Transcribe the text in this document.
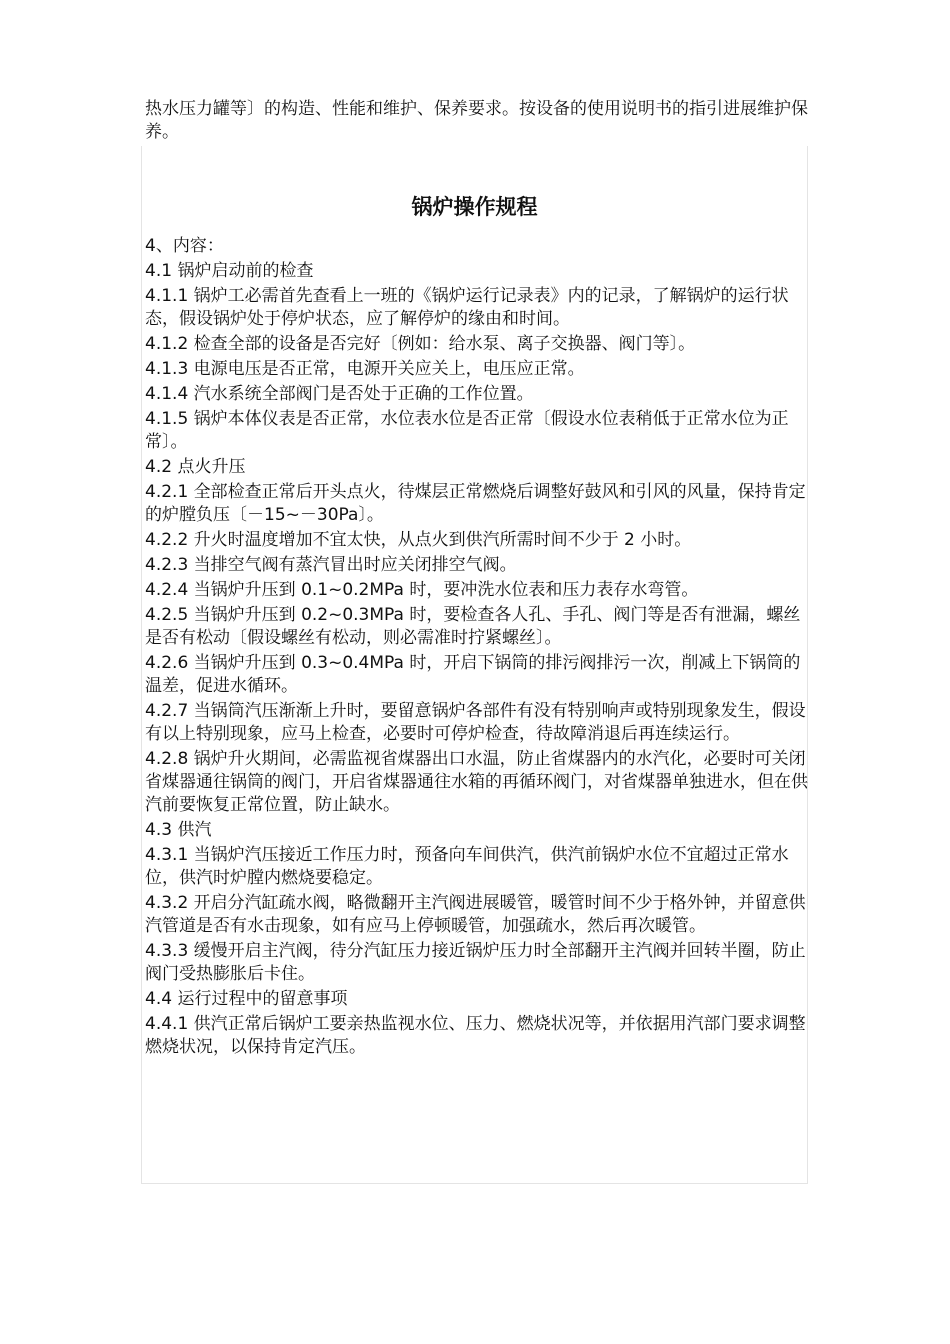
热水压力罐等〕的构造、性能和维护、保养要求。按设备的使用说明书的指引进展维护保养。

锅炉操作规程

4、内容：

4.1 锅炉启动前的检查

4.1.1 锅炉工必需首先查看上一班的《锅炉运行记录表》内的记录，了解锅炉的运行状态，假设锅炉处于停炉状态，应了解停炉的缘由和时间。

4.1.2 检查全部的设备是否完好〔例如：给水泵、离子交换器、阀门等〕。

4.1.3 电源电压是否正常，电源开关应关上，电压应正常。

4.1.4 汽水系统全部阀门是否处于正确的工作位置。

4.1.5 锅炉本体仪表是否正常，水位表水位是否正常〔假设水位表稍低于正常水位为正常〕。

4.2 点火升压

4.2.1 全部检查正常后开头点火，待煤层正常燃烧后调整好鼓风和引风的风量，保持肯定的炉膛负压〔－15~－30Pa〕。

4.2.2 升火时温度增加不宜太快，从点火到供汽所需时间不少于 2 小时。

4.2.3 当排空气阀有蒸汽冒出时应关闭排空气阀。

4.2.4 当锅炉升压到 0.1~0.2MPa 时，要冲洗水位表和压力表存水弯管。

4.2.5 当锅炉升压到 0.2~0.3MPa 时，要检查各人孔、手孔、阀门等是否有泄漏，螺丝是否有松动〔假设螺丝有松动，则必需准时拧紧螺丝〕。

4.2.6 当锅炉升压到 0.3~0.4MPa 时，开启下锅筒的排污阀排污一次，削减上下锅筒的温差，促进水循环。

4.2.7 当锅筒汽压渐渐上升时，要留意锅炉各部件有没有特别响声或特别现象发生，假设有以上特别现象，应马上检查，必要时可停炉检查，待故障消退后再连续运行。

4.2.8 锅炉升火期间，必需监视省煤器出口水温，防止省煤器内的水汽化，必要时可关闭省煤器通往锅筒的阀门，开启省煤器通往水箱的再循环阀门，对省煤器单独进水，但在供汽前要恢复正常位置，防止缺水。

4.3 供汽

4.3.1 当锅炉汽压接近工作压力时，预备向车间供汽，供汽前锅炉水位不宜超过正常水位，供汽时炉膛内燃烧要稳定。

4.3.2 开启分汽缸疏水阀，略微翻开主汽阀进展暖管，暖管时间不少于格外钟，并留意供汽管道是否有水击现象，如有应马上停顿暖管，加强疏水，然后再次暖管。

4.3.3 缓慢开启主汽阀，待分汽缸压力接近锅炉压力时全部翻开主汽阀并回转半圈，防止阀门受热膨胀后卡住。

4.4 运行过程中的留意事项

4.4.1 供汽正常后锅炉工要亲热监视水位、压力、燃烧状况等，并依据用汽部门要求调整燃烧状况，以保持肯定汽压。
